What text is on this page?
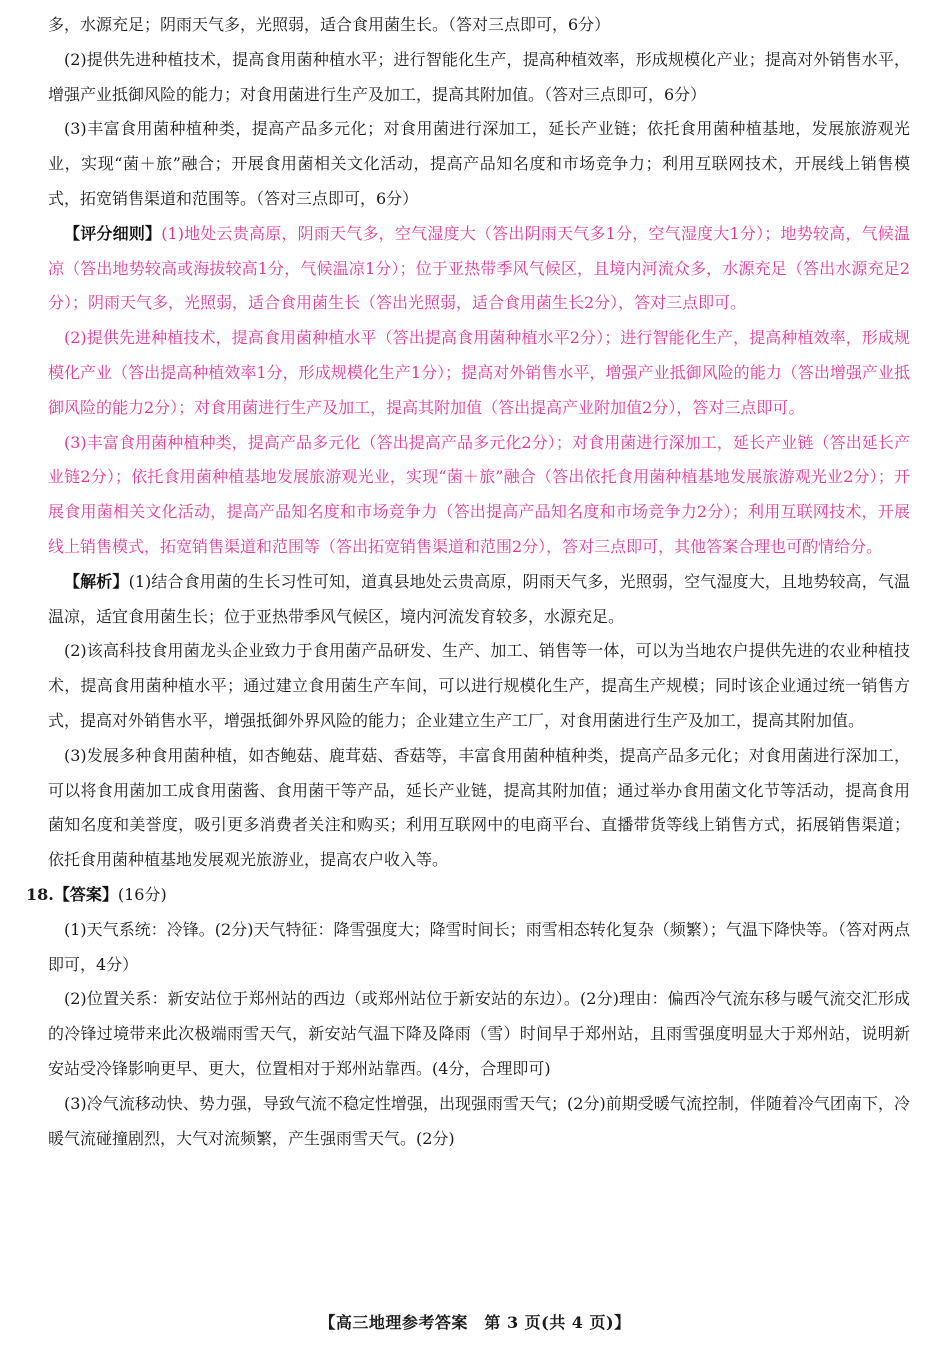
多，水源充足；阴雨天气多，光照弱，适合食用菌生长。（答对三点即可，6分）

(2)提供先进种植技术，提高食用菌种植水平；进行智能化生产，提高种植效率，形成规模化产业；提高对外销售水平，增强产业抵御风险的能力；对食用菌进行生产及加工，提高其附加值。（答对三点即可，6分）

(3)丰富食用菌种植种类，提高产品多元化；对食用菌进行深加工，延长产业链；依托食用菌种植基地，发展旅游观光业，实现“菌＋旅”融合；开展食用菌相关文化活动，提高产品知名度和市场竞争力；利用互联网技术，开展线上销售模式，拓宽销售渠道和范围等。（答对三点即可，6分）

【评分细则】(1)地处云贵高原，阴雨天气多，空气湿度大（答出阴雨天气多1分，空气湿度大1分）；地势较高，气候温凉（答出地势较高或海拔较高1分，气候温凉1分）；位于亚热带季风气候区，且境内河流众多，水源充足（答出水源充足2分）；阴雨天气多，光照弱，适合食用菌生长（答出光照弱，适合食用菌生长2分），答对三点即可。

(2)提供先进种植技术，提高食用菌种植水平（答出提高食用菌种植水平2分）；进行智能化生产，提高种植效率，形成规模化产业（答出提高种植效率1分，形成规模化生产1分）；提高对外销售水平，增强产业抵御风险的能力（答出增强产业抵御风险的能力2分）；对食用菌进行生产及加工，提高其附加值（答出提高产业附加值2分），答对三点即可。

(3)丰富食用菌种植种类，提高产品多元化（答出提高产品多元化2分）；对食用菌进行深加工，延长产业链（答出延长产业链2分）；依托食用菌种植基地发展旅游观光业，实现“菌＋旅”融合（答出依托食用菌种植基地发展旅游观光业2分）；开展食用菌相关文化活动，提高产品知名度和市场竞争力（答出提高产品知名度和市场竞争力2分）；利用互联网技术，开展线上销售模式，拓宽销售渠道和范围等（答出拓宽销售渠道和范围2分），答对三点即可，其他答案合理也可酌情给分。

【解析】(1)结合食用菌的生长习性可知，道真县地处云贵高原，阴雨天气多，光照弱，空气湿度大，且地势较高，气温温凉，适宜食用菌生长；位于亚热带季风气候区，境内河流发育较多，水源充足。

(2)该高科技食用菌龙头企业致力于食用菌产品研发、生产、加工、销售等一体，可以为当地农户提供先进的农业种植技术，提高食用菌种植水平；通过建立食用菌生产车间，可以进行规模化生产，提高生产规模；同时该企业通过统一销售方式，提高对外销售水平，增强抵御外界风险的能力；企业建立生产工厂，对食用菌进行生产及加工，提高其附加值。

(3)发展多种食用菌种植，如杏鲍菇、鹿茸菇、香菇等，丰富食用菌种植种类，提高产品多元化；对食用菌进行深加工，可以将食用菌加工成食用菌酱、食用菌干等产品，延长产业链，提高其附加值；通过举办食用菌文化节等活动，提高食用菌知名度和美誉度，吸引更多消费者关注和购买；利用互联网中的电商平台、直播带货等线上销售方式，拓展销售渠道；依托食用菌种植基地发展观光旅游业，提高农户收入等。

18.【答案】(16分)

(1)天气系统：冷锋。(2分)天气特征：降雪强度大；降雪时间长；雨雪相态转化复杂（频繁）；气温下降快等。（答对两点即可，4分）

(2)位置关系：新安站位于郑州站的西边（或郑州站位于新安站的东边）。(2分)理由：偏西冷气流东移与暖气流交汇形成的冷锋过境带来此次极端雨雪天气，新安站气温下降及降雨（雪）时间早于郑州站，且雨雪强度明显大于郑州站，说明新安站受冷锋影响更早、更大，位置相对于郑州站靠西。(4分，合理即可)

(3)冷气流移动快、势力强，导致气流不稳定性增强，出现强雨雪天气；(2分)前期受暖气流控制，伴随着冷气团南下，冷暖气流碰撞剧烈，大气对流频繁，产生强雨雪天气。(2分)

【高三地理参考答案　第 3 页(共 4 页)】
